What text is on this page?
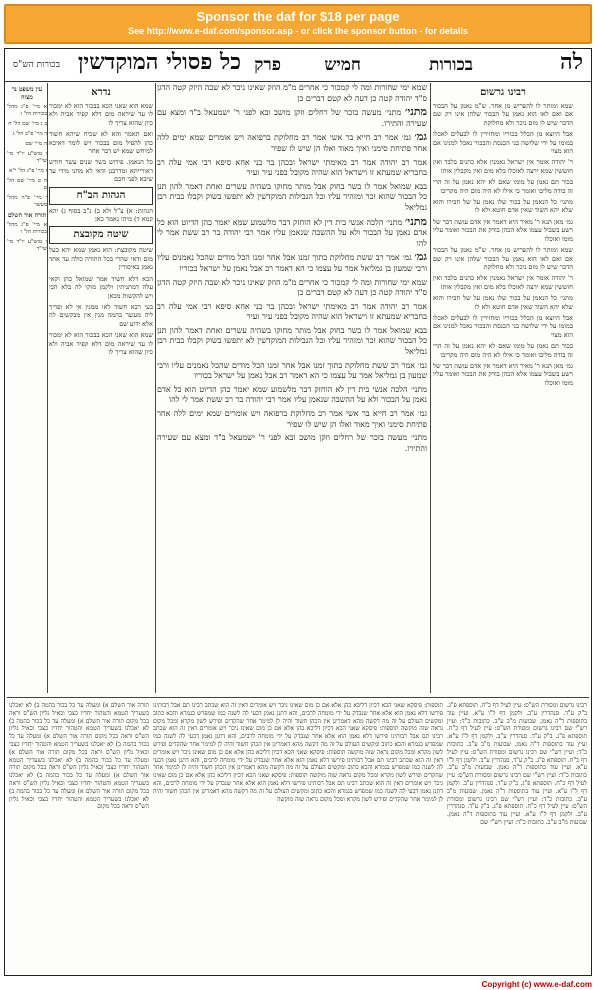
Sponsor the daf for $18 per page
See http://www.e-daf.com/sponsor.asp - or click the sponsor button - for details
לה
בכורות
חמיש
פרק
כל פסולי המוקדשין
בכורות הש"ס
רבינו גרשום

שמא ומותר לו להפריש מן אחר. ש"מ נאמן על הבכור אם ואם לאו הוא נאמן על הבכור שלהן אינו רק שם הדבר שיש לו מום ניכר ולא מחלוקת

אבל היוצא מן הכלל בכוריו ומחזירין לו לבעלים לאכלו במומו על ידי שלושה בני הכנסת והבכור נאכל למנינו אם הוא מצוי

ר' יהודה אומר אין ישראל נאמנין אלא כהנים בלבד ואין חוששין שמא ירצה לאוכלו בלא מום ואין מקבלין אותו

בכור תם נאמן על מומו שאם לא יהא נאמן על זה הרי זה בודה מליבו ואומר כי אילו לא היה מום היה מקריבו

מתני׳ כל הנאמן על בכור שלו נאמן על של חבירו והוא שלא יהא חשוד שאין אדם חוטא ולא לו

גמ׳ מאן תנא ר' מאיר היא דאמר אין אדם עושה דבר של רשע בשביל עצמו אלא הכהן בודק את הבכור ואומר עליו מומו ואוכלו

שמא ומותר לו להפריש מן אחר. ש"מ נאמן על הבכור אם ואם לאו הוא נאמן על הבכור שלהן אינו רק שם הדבר שיש לו מום ניכר ולא מחלוקת

ר' יהודה אומר אין ישראל נאמנין אלא כהנים בלבד ואין חוששין שמא ירצה לאוכלו בלא מום ואין מקבלין אותו

מתני׳ כל הנאמן על בכור שלו נאמן על של חבירו והוא שלא יהא חשוד שאין אדם חוטא ולא לו

אבל היוצא מן הכלל בכוריו ומחזירין לו לבעלים לאכלו במומו על ידי שלושה בני הכנסת והבכור נאכל למנינו אם הוא מצוי

בכור תם נאמן על מומו שאם לא יהא נאמן על זה הרי זה בודה מליבו ואומר כי אילו לא היה מום היה מקריבו

גמ׳ מאן תנא ר' מאיר היא דאמר אין אדם עושה דבר של רשע בשביל עצמו אלא הכהן בודק את הבכור ואומר עליו מומו ואוכלו

שמא ימי שחורות ומה לי קמכור כי אחרים מ"מ הוזק שאינו ניכר לא שבה היזק קטה הדגן ס"ד יהודה קטה כן דעה לא קטם דברים כן

מתני׳ מתני׳ מעשה בזכר של רחלים וזקן מושב ובא לפני ר' ישמעאל ב"ד ומצא עם שעירה והתירו.

גמ׳ גמ׳ אמר רב חייא בר אשי אמר רב מחלוקת ברפואה ויש אומרים שמא ימים ללה אחר פתיחת סימני ואיך מאוד ואלו הן שיש לו שפיר

אמר רב יהודה אמר רב מאימתי ישראל ובכהן בר בני אחא סיפא רבי אמי עלה רב בחבריא שמעתא זו וישראל הוא שהיה מקובל בפני עיר ועיר

בבא שמואל אמר לו בשר בחוק אבל מותר מחוקו בשהיה עשרים ואחת דאמר להון תנן כל הבכור שהוא זכר ומזהיר עליו וכל הנבילות המוקדשין לא יתפשו בשוק וקבלו בבית רבן גמליאל

מתני׳ מתני׳ הלכה אנשי בית דין לא הוחזק דבר מלשמוע שמא יאמר כהן הדיוט הוא כל אדם נאמן על הבכור ולא על ההשבה שנאמן עליו אמר רבי יהודה בר רב ששת אמר לי להו

גמ׳ גמ׳ אמר רב ששת מחלוקת בתוך זמנו אבל אחר זמנו הכל מודים שהכל נאמנים עליו ורבי שמעון בן גמליאל אמר על עצמו כי הא דאמר רב אבל נאמן על ישראל בכוריו

שמא ימי שחורות ומה לי קמכור כי אחרים מ"מ הוזק שאינו ניכר לא שבה היזק קטה הדגן ס"ד יהודה קטה כן דעה לא קטם דברים כן

אמר רב יהודה אמר רב מאימתי ישראל ובכהן בר בני אחא סיפא רבי אמי עלה רב בחבריא שמעתא זו וישראל הוא שהיה מקובל בפני עיר ועיר

בבא שמואל אמר לו בשר בחוק אבל מותר מחוקו בשהיה עשרים ואחת דאמר להון תנן כל הבכור שהוא זכר ומזהיר עליו וכל הנבילות המוקדשין לא יתפשו בשוק וקבלו בבית רבן גמליאל

גמ׳ אמר רב ששת מחלוקת בתוך זמנו אבל אחר זמנו הכל מודים שהכל נאמנים עליו ורבי שמעון בן גמליאל אמר על עצמו כי הא דאמר רב אבל נאמן על ישראל בכוריו

מתני׳ הלכה אנשי בית דין לא הוחזק דבר מלשמוע שמא יאמר כהן הדיוט הוא כל אדם נאמן על הבכור ולא על ההשבה שנאמן עליו אמר רבי יהודה בר רב ששת אמר לי להו

גמ׳ אמר רב חייא בר אשי אמר רב מחלוקת ברפואה ויש אומרים שמא ימים ללה אחר פתיחת סימני ואיך מאוד ואלו הן שיש לו שפיר

מתני׳ מעשה בזכר של רחלים וזקן מושב ובא לפני ר' ישמעאל ב"ד ומצא עם שעירה והתירו.

נדרא

שמא הוא שאני הכא בבכור הוא לא ימכור לו עד שיראה מום דלא קפיד אביה ולא כיון שהוא צריך לו

ואם תאמר והא לא שכיח שיהא חשוד כהן להפיל מום בבכור ויש לומר דאיכא למיחש שמא יש דבר אחר

כל הנאמן. פירוש בשר שנים עשר חודש דאורייתא ומדרבנן ודאי לא מהני מידי עד שיבא לפני חכם

הגהות הב"ח

הגהות: א) צ"ל ולא ב) נ"ב בסוף ג) יהא קמא ד) מיהו נאמר כאן

שיטה מקובצת

שיטה מקובצת: הוא נאמן שמא יהא בעל מום ודאי שהרי בכל התורה כולה עד אחד נאמן באיסורין

הכא דלא חשיד אמר שמואל כהן וקאי עלה דמתניתין ולקמן מוקי לה בלא הכי ויש להקשות מכאן

בעי רבא חשוד לאו ממנין אי לא ופריך ליה מעשר בהמה מנין אין מבקשים לה אלא ידוע שם

שמא הוא שאני הכא בבכור הוא לא ימכור לו עד שיראה מום דלא קפיד אביה ולא כיון שהוא צריך לו

עין משפט נר מצוה

א מיי' פ"ג מהל' בכורות הל' ו

ב ג מיי' שם הל' ח

ד מיי' פ"ב הל' ג

ה מיי' שם

ו טוש"ע יו"ד סי' שי"ד

ז מיי' פ"ג הל' י"א

ח ט מיי' שם הל' ט

י מיי' פ"ה מהל' מעשר

תורה אור השלם

א מיי' פ"ג מהל' בכורות הל' ו

ו טוש"ע יו"ד סי' שי"ד

רבינו גרשום ומסורת הש"ס: עיין לעיל דף כ"ח. תוספתא פ"ג. ב"ק ע"ד. סנהדרין ע"ב. ולקמן דף ל"ו ע"א. ועיין עוד בתוספות ד"ה נאמן. שבועות מ"ב ע"ב. כתובות כ"ד: ועיין רש"י שם רבינו גרשום ומסורת הש"ס: עיין לעיל דף כ"ח. תוספתא פ"ג. ב"ק ע"ד. סנהדרין ע"ב. ולקמן דף ל"ו ע"א. ועיין עוד בתוספות ד"ה נאמן. שבועות מ"ב ע"ב. כתובות כ"ד: ועיין רש"י שם רבינו גרשום ומסורת הש"ס: עיין לעיל דף כ"ח. תוספתא פ"ג. ב"ק ע"ד. סנהדרין ע"ב. ולקמן דף ל"ו ע"א. ועיין עוד בתוספות ד"ה נאמן. שבועות מ"ב ע"ב. כתובות כ"ד: ועיין רש"י שם רבינו גרשום ומסורת הש"ס: עיין לעיל דף כ"ח. תוספתא פ"ג. ב"ק ע"ד. סנהדרין ע"ב. ולקמן דף ל"ו ע"א. ועיין עוד בתוספות ד"ה נאמן. שבועות מ"ב ע"ב. כתובות כ"ד: ועיין רש"י שם רבינו גרשום ומסורת הש"ס: עיין לעיל דף כ"ח. תוספתא פ"ג. ב"ק ע"ד. סנהדרין ע"ב. ולקמן דף ל"ו ע"א. ועיין עוד בתוספות ד"ה נאמן. שבועות מ"ב ע"ב. כתובות כ"ד: ועיין רש"י שם
תוספות: פיסקא שאני הכא דכיון דליכא כהן אלא אם כן מום שאינו ניכר ויש אומרים דאין זה הוא שכתב רבינו תם אבל רבותינו פירשו דלא נאמן הוא אלא אחר שנבדק על ידי מומחה לרבים, והא דתנן נאמן דבעי לה לשנה כמו שמפרש בגמרא והכא כתוב ומקשים העולם על זה מה דקשה מהא דאמרינן אין הכהן חשוד והיה לן למימר אחר שהקדים ופירש לשון מקרא ומכל מקום נראה שזה מוקשה תוספות: פיסקא שאני הכא דכיון דליכא כהן אלא אם כן מום שאינו ניכר ויש אומרים דאין זה הוא שכתב רבינו תם אבל רבותינו פירשו דלא נאמן הוא אלא אחר שנבדק על ידי מומחה לרבים, והא דתנן נאמן דבעי לה לשנה כמו שמפרש בגמרא והכא כתוב ומקשים העולם על זה מה דקשה מהא דאמרינן אין הכהן חשוד והיה לן למימר אחר שהקדים ופירש לשון מקרא ומכל מקום נראה שזה מוקשה תוספות: פיסקא שאני הכא דכיון דליכא כהן אלא אם כן מום שאינו ניכר ויש אומרים דאין זה הוא שכתב רבינו תם אבל רבותינו פירשו דלא נאמן הוא אלא אחר שנבדק על ידי מומחה לרבים, והא דתנן נאמן דבעי לה לשנה כמו שמפרש בגמרא והכא כתוב ומקשים העולם על זה מה דקשה מהא דאמרינן אין הכהן חשוד והיה לן למימר אחר שהקדים ופירש לשון מקרא ומכל מקום נראה שזה מוקשה תוספות: פיסקא שאני הכא דכיון דליכא כהן אלא אם כן מום שאינו ניכר ויש אומרים דאין זה הוא שכתב רבינו תם אבל רבותינו פירשו דלא נאמן הוא אלא אחר שנבדק על ידי מומחה לרבים, והא דתנן נאמן דבעי לה לשנה כמו שמפרש בגמרא והכא כתוב ומקשים העולם על זה מה דקשה מהא דאמרינן אין הכהן חשוד והיה לן למימר אחר שהקדים ופירש לשון מקרא ומכל מקום נראה שזה מוקשה
תורה אור השלם א) ומעלה עד כל בכור בהמה ב) לא יאכלנו בשעריך הטמא והטהור יחדיו כצבי וכאיל גליון הש"ס וראה בכל מקום תורה אור השלם א) ומעלה עד כל בכור בהמה ב) לא יאכלנו בשעריך הטמא והטהור יחדיו כצבי וכאיל גליון הש"ס וראה בכל מקום תורה אור השלם א) ומעלה עד כל בכור בהמה ב) לא יאכלנו בשעריך הטמא והטהור יחדיו כצבי וכאיל גליון הש"ס וראה בכל מקום תורה אור השלם א) ומעלה עד כל בכור בהמה ב) לא יאכלנו בשעריך הטמא והטהור יחדיו כצבי וכאיל גליון הש"ס וראה בכל מקום תורה אור השלם א) ומעלה עד כל בכור בהמה ב) לא יאכלנו בשעריך הטמא והטהור יחדיו כצבי וכאיל גליון הש"ס וראה בכל מקום תורה אור השלם א) ומעלה עד כל בכור בהמה ב) לא יאכלנו בשעריך הטמא והטהור יחדיו כצבי וכאיל גליון הש"ס וראה בכל מקום
Copyright (c) www.e-daf.com
